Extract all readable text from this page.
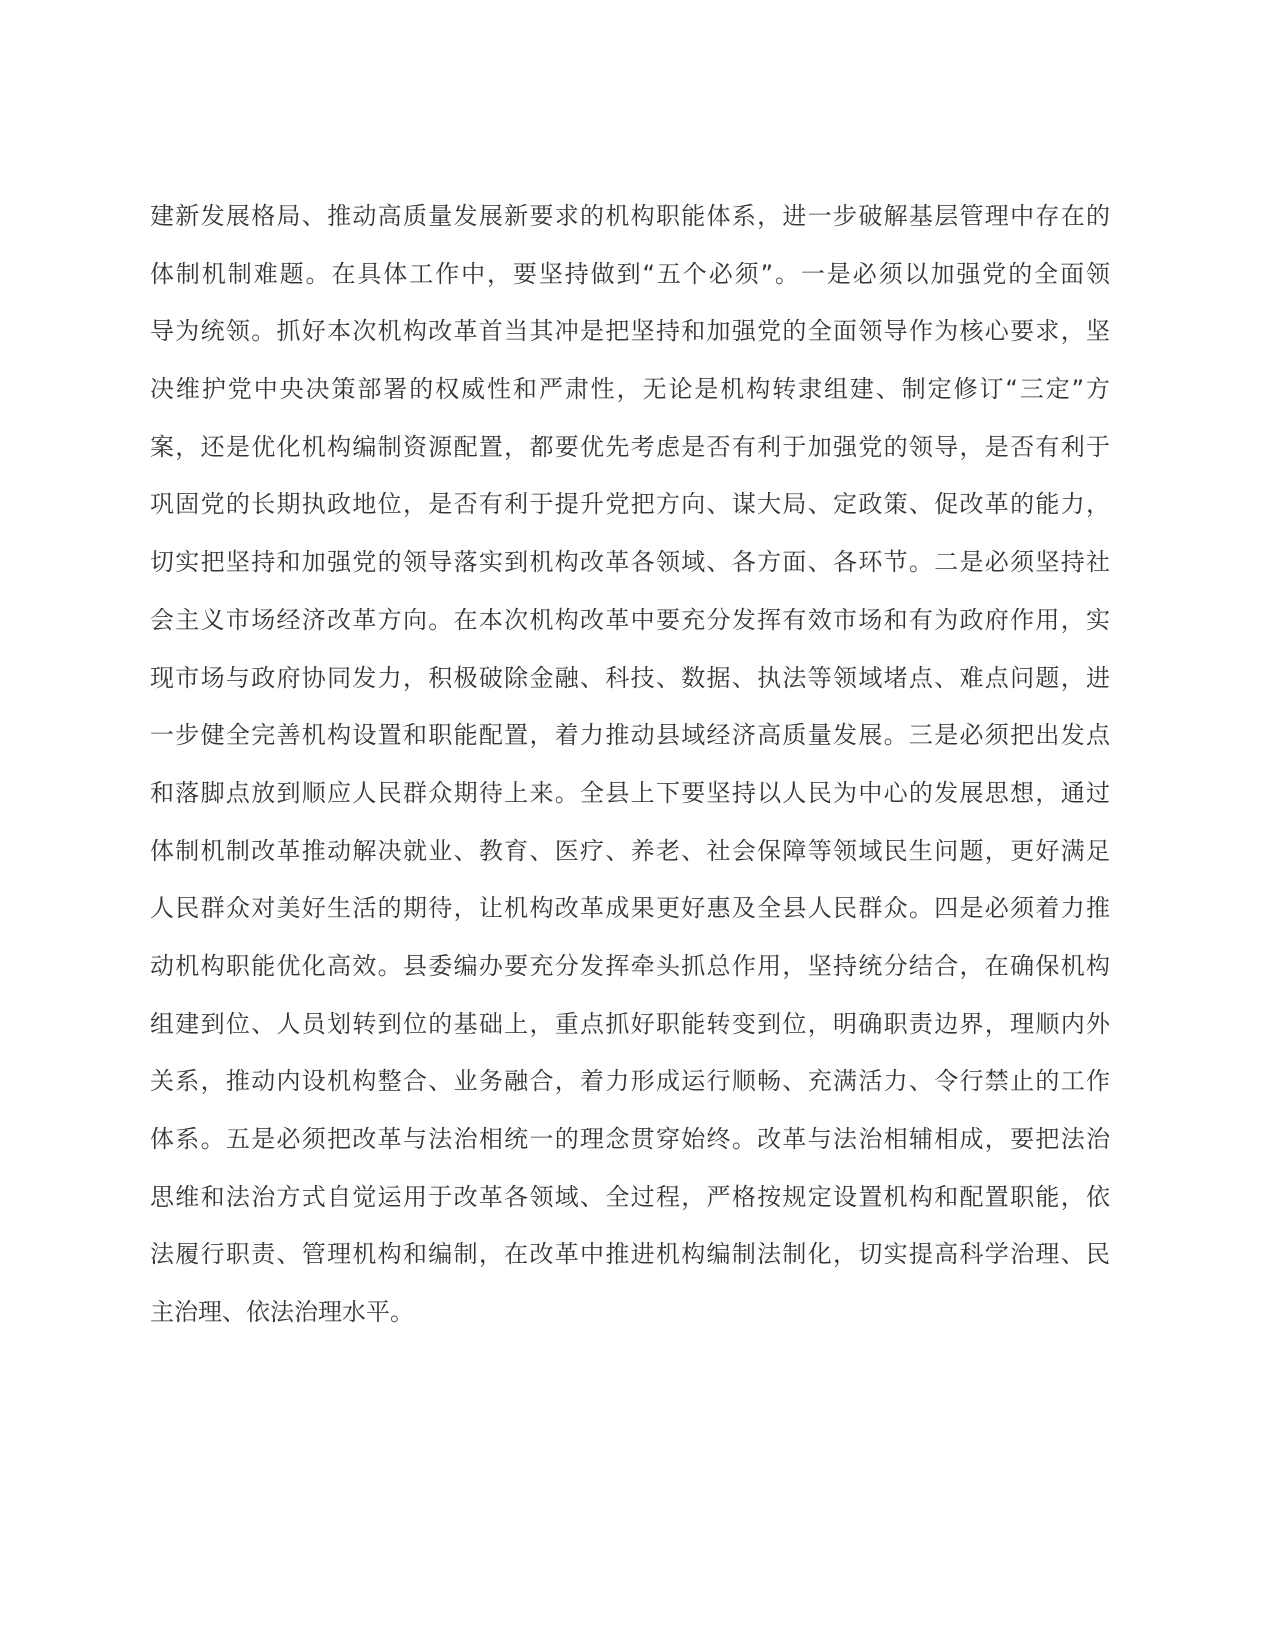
建新发展格局、推动高质量发展新要求的机构职能体系，进一步破解基层管理中存在的
体制机制难题。在具体工作中，要坚持做到“五个必须”。一是必须以加强党的全面领
导为统领。抓好本次机构改革首当其冲是把坚持和加强党的全面领导作为核心要求，坚
决维护党中央决策部署的权威性和严肃性，无论是机构转隶组建、制定修订“三定”方
案，还是优化机构编制资源配置，都要优先考虑是否有利于加强党的领导，是否有利于
巩固党的长期执政地位，是否有利于提升党把方向、谋大局、定政策、促改革的能力，
切实把坚持和加强党的领导落实到机构改革各领域、各方面、各环节。二是必须坚持社
会主义市场经济改革方向。在本次机构改革中要充分发挥有效市场和有为政府作用，实
现市场与政府协同发力，积极破除金融、科技、数据、执法等领域堵点、难点问题，进
一步健全完善机构设置和职能配置，着力推动县域经济高质量发展。三是必须把出发点
和落脚点放到顺应人民群众期待上来。全县上下要坚持以人民为中心的发展思想，通过
体制机制改革推动解决就业、教育、医疗、养老、社会保障等领域民生问题，更好满足
人民群众对美好生活的期待，让机构改革成果更好惠及全县人民群众。四是必须着力推
动机构职能优化高效。县委编办要充分发挥牵头抓总作用，坚持统分结合，在确保机构
组建到位、人员划转到位的基础上，重点抓好职能转变到位，明确职责边界，理顺内外
关系，推动内设机构整合、业务融合，着力形成运行顺畅、充满活力、令行禁止的工作
体系。五是必须把改革与法治相统一的理念贯穿始终。改革与法治相辅相成，要把法治
思维和法治方式自觉运用于改革各领域、全过程，严格按规定设置机构和配置职能，依
法履行职责、管理机构和编制，在改革中推进机构编制法制化，切实提高科学治理、民
主治理、依法治理水平。
